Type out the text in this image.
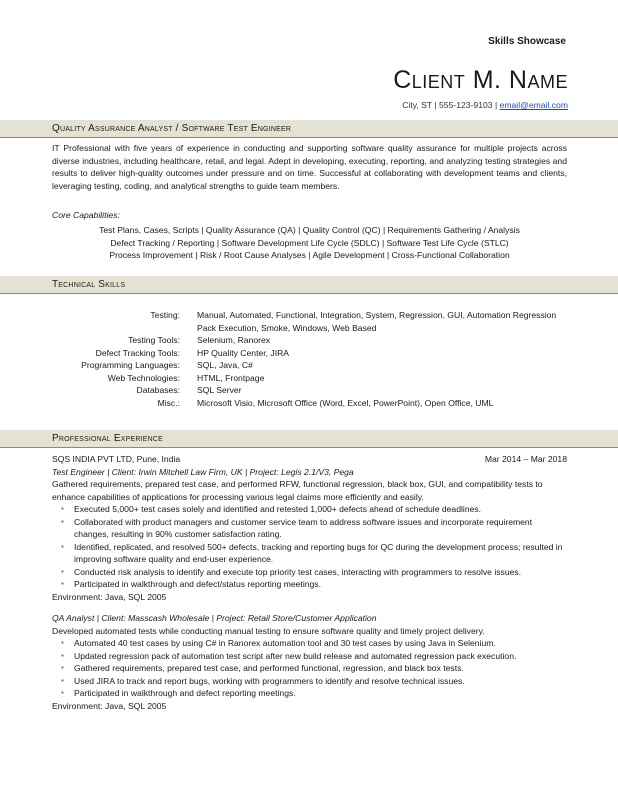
Skills Showcase
Client M. Name
City, ST | 555-123-9103 | email@email.com
Quality Assurance Analyst / Software Test Engineer
IT Professional with five years of experience in conducting and supporting software quality assurance for multiple projects across diverse industries, including healthcare, retail, and legal. Adept in developing, executing, reporting, and analyzing testing strategies and results to deliver high-quality outcomes under pressure and on time. Successful at collaborating with development teams and clients, leveraging testing, coding, and analytical strengths to guide team members.
Core Capabilities:
Test Plans, Cases, Scripts | Quality Assurance (QA) | Quality Control (QC) | Requirements Gathering / Analysis
Defect Tracking / Reporting | Software Development Life Cycle (SDLC) | Software Test Life Cycle (STLC)
Process Improvement | Risk / Root Cause Analyses | Agile Development | Cross-Functional Collaboration
Technical Skills
Testing: Manual, Automated, Functional, Integration, System, Regression, GUI, Automation Regression Pack Execution, Smoke, Windows, Web Based
Testing Tools: Selenium, Ranorex
Defect Tracking Tools: HP Quality Center, JIRA
Programming Languages: SQL, Java, C#
Web Technologies: HTML, Frontpage
Databases: SQL Server
Misc.: Microsoft Visio, Microsoft Office (Word, Excel, PowerPoint), Open Office, UML
Professional Experience
SQS INDIA PVT LTD, Pune, India	Mar 2014 – Mar 2018
Test Engineer | Client: Irwin Mitchell Law Firm, UK | Project: Legis 2.1/V3, Pega
Gathered requirements, prepared test case, and performed RFW, functional regression, black box, GUI, and compatibility tests to enhance capabilities of applications for processing various legal claims more efficiently and easily.
▪ Executed 5,000+ test cases solely and identified and retested 1,000+ defects ahead of schedule deadlines.
▪ Collaborated with product managers and customer service team to address software issues and incorporate requirement changes, resulting in 90% customer satisfaction rating.
▪ Identified, replicated, and resolved 500+ defects, tracking and reporting bugs for QC during the development process; resulted in improving software quality and end-user experience.
▪ Conducted risk analysis to identify and execute top priority test cases, interacting with programmers to resolve issues.
▪ Participated in walkthrough and defect/status reporting meetings.
Environment: Java, SQL 2005
QA Analyst | Client: Masscash Wholesale | Project: Retail Store/Customer Application
Developed automated tests while conducting manual testing to ensure software quality and timely project delivery.
▪ Automated 40 test cases by using C# in Ranorex automation tool and 30 test cases by using Java in Selenium.
▪ Updated regression pack of automation test script after new build release and automated regression pack execution.
▪ Gathered requirements, prepared test case, and performed functional, regression, and black box tests.
▪ Used JIRA to track and report bugs, working with programmers to identify and resolve technical issues.
▪ Participated in walkthrough and defect reporting meetings.
Environment: Java, SQL 2005
